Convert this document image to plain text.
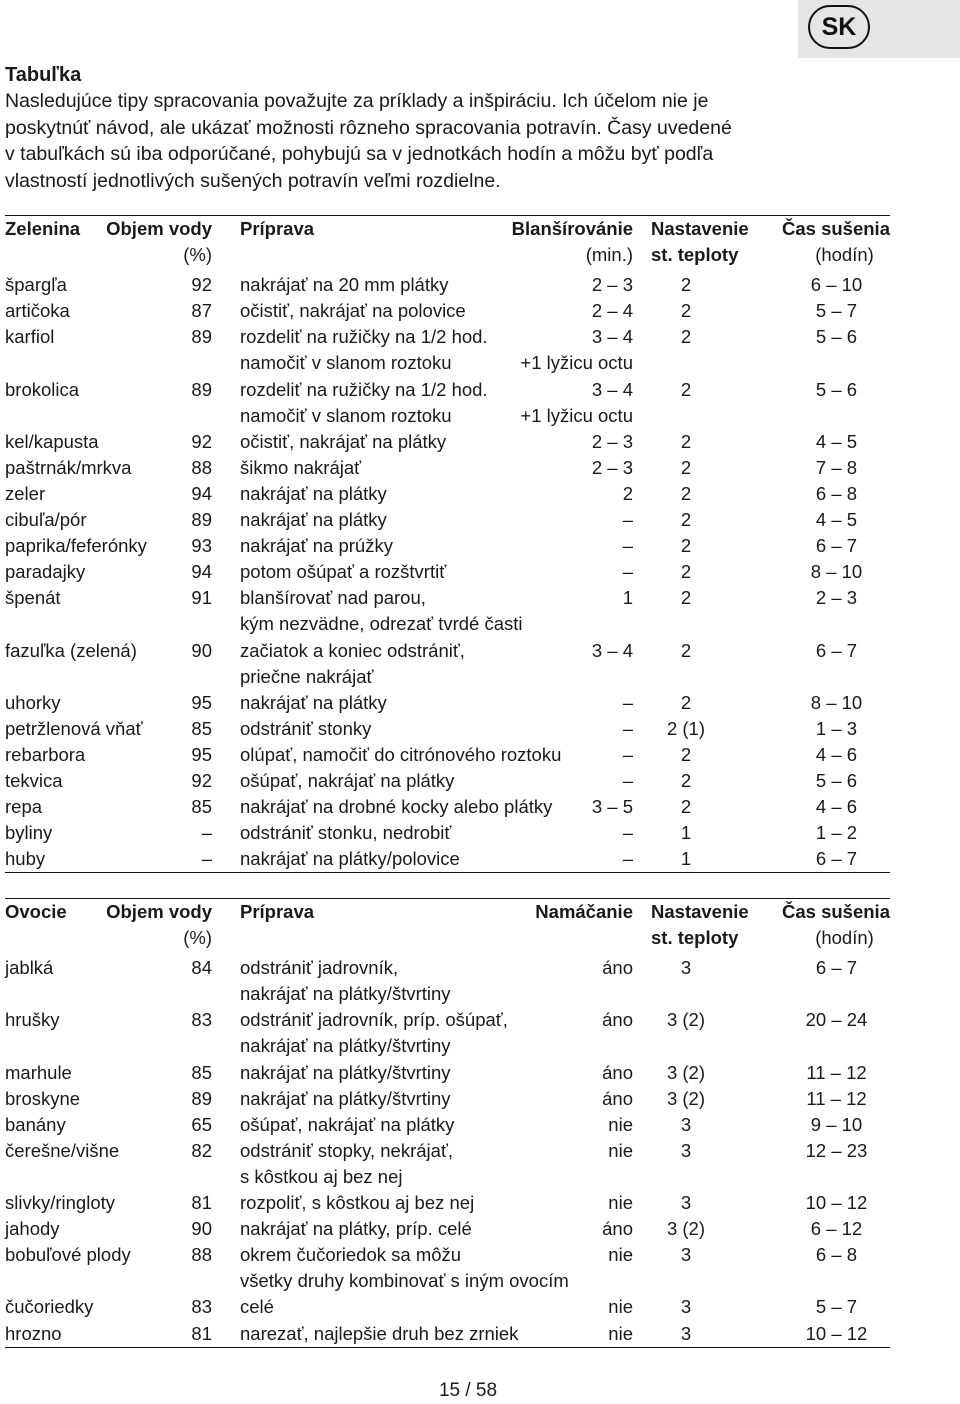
SK
Tabuľka
Nasledujúce tipy spracovania považujte za príklady a inšpiráciu. Ich účelom nie je
poskytnúť návod, ale ukázať možnosti rôzneho spracovania potravín. Časy uvedené
v tabuľkách sú iba odporúčané, pohybujú sa v jednotkách hodín a môžu byť podľa
vlastností jednotlivých sušených potravín veľmi rozdielne.
Zelenina	Objem vody	Príprava	Blanšírovánie	Nastavenie	Čas sušenia
	(%)		(min.)	st. teploty	(hodín)
špargľa	92	nakrájať na 20 mm plátky	2 – 3	2	6 – 10
artičoka	87	očistiť, nakrájať na polovice	2 – 4	2	5 – 7
karfiol	89	rozdeliť na ružičky na 1/2 hod.	3 – 4	2	5 – 6
		namočiť v slanom roztoku	+1 lyžicu octu		
brokolica	89	rozdeliť na ružičky na 1/2 hod.	3 – 4	2	5 – 6
		namočiť v slanom roztoku	+1 lyžicu octu		
kel/kapusta	92	očistiť, nakrájať na plátky	2 – 3	2	4 – 5
paštrnák/mrkva	88	šikmo nakrájať	2 – 3	2	7 – 8
zeler	94	nakrájať na plátky	2	2	6 – 8
cibuľa/pór	89	nakrájať na plátky	–	2	4 – 5
paprika/feferónky	93	nakrájať na prúžky	–	2	6 – 7
paradajky	94	potom ošúpať a rozštvrtiť	–	2	8 – 10
špenát	91	blanšírovať nad parou,	1	2	2 – 3
		kým nezvädne, odrezať tvrdé časti			
fazuľka (zelená)	90	začiatok a koniec odstrániť,	3 – 4	2	6 – 7
		priečne nakrájať			
uhorky	95	nakrájať na plátky	–	2	8 – 10
petržlenová vňať	85	odstrániť stonky	–	2 (1)	1 – 3
rebarbora	95	olúpať, namočiť do citrónového roztoku	–	2	4 – 6
tekvica	92	ošúpať, nakrájať na plátky	–	2	5 – 6
repa	85	nakrájať na drobné kocky alebo plátky	3 – 5	2	4 – 6
byliny	–	odstrániť stonku, nedrobiť	–	1	1 – 2
huby	–	nakrájať na plátky/polovice	–	1	6 – 7
Ovocie	Objem vody	Príprava	Namáčanie	Nastavenie	Čas sušenia
	(%)			st. teploty	(hodín)
jablká	84	odstrániť jadrovník,	áno	3	6 – 7
		nakrájať na plátky/štvrtiny			
hrušky	83	odstrániť jadrovník, príp. ošúpať,	áno	3 (2)	20 – 24
		nakrájať na plátky/štvrtiny			
marhule	85	nakrájať na plátky/štvrtiny	áno	3 (2)	11 – 12
broskyne	89	nakrájať na plátky/štvrtiny	áno	3 (2)	11 – 12
banány	65	ošúpať, nakrájať na plátky	nie	3	9 – 10
čerešne/višne	82	odstrániť stopky, nekrájať,	nie	3	12 – 23
		s kôstkou aj bez nej			
slivky/ringloty	81	rozpoliť, s kôstkou aj bez nej	nie	3	10 – 12
jahody	90	nakrájať na plátky, príp. celé	áno	3 (2)	6 – 12
bobuľové plody	88	okrem čučoriedok sa môžu	nie	3	6 – 8
		všetky druhy kombinovať s iným ovocím			
čučoriedky	83	celé	nie	3	5 – 7
hrozno	81	narezať, najlepšie druh bez zrniek	nie	3	10 – 12
15 / 58
